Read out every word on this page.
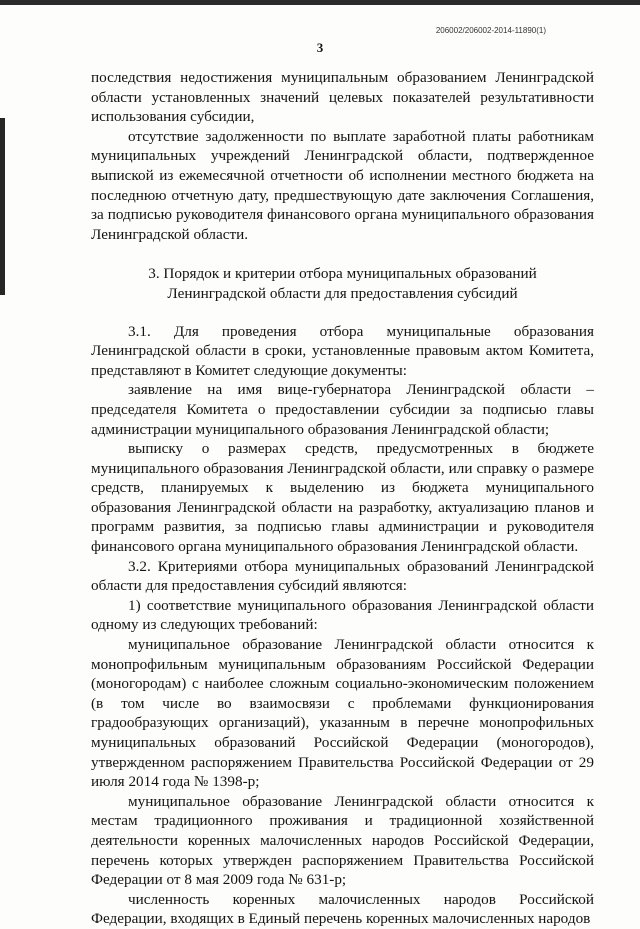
206002/206002-2014-11890(1)
3

последствия недостижения муниципальным образованием Ленинградской области установленных значений целевых показателей результативности использования субсидии,

отсутствие задолженности по выплате заработной платы работникам муниципальных учреждений Ленинградской области, подтвержденное выпиской из ежемесячной отчетности об исполнении местного бюджета на последнюю отчетную дату, предшествующую дате заключения Соглашения, за подписью руководителя финансового органа муниципального образования Ленинградской области.

3. Порядок и критерии отбора муниципальных образований
Ленинградской области для предоставления субсидий

3.1. Для проведения отбора муниципальные образования Ленинградской области в сроки, установленные правовым актом Комитета, представляют в Комитет следующие документы:

заявление на имя вице-губернатора Ленинградской области – председателя Комитета о предоставлении субсидии за подписью главы администрации муниципального образования Ленинградской области;

выписку о размерах средств, предусмотренных в бюджете муниципального образования Ленинградской области, или справку о размере средств, планируемых к выделению из бюджета муниципального образования Ленинградской области на разработку, актуализацию планов и программ развития, за подписью главы администрации и руководителя финансового органа муниципального образования Ленинградской области.

3.2. Критериями отбора муниципальных образований Ленинградской области для предоставления субсидий являются:

1) соответствие муниципального образования Ленинградской области одному из следующих требований:

муниципальное образование Ленинградской области относится к монопрофильным муниципальным образованиям Российской Федерации (моногородам) с наиболее сложным социально-экономическим положением (в том числе во взаимосвязи с проблемами функционирования градообразующих организаций), указанным в перечне монопрофильных муниципальных образований Российской Федерации (моногородов), утвержденном распоряжением Правительства Российской Федерации от 29 июля 2014 года № 1398-р;

муниципальное образование Ленинградской области относится к местам традиционного проживания и традиционной хозяйственной деятельности коренных малочисленных народов Российской Федерации, перечень которых утвержден распоряжением Правительства Российской Федерации от 8 мая 2009 года № 631-р;

численность коренных малочисленных народов Российской Федерации, входящих в Единый перечень коренных малочисленных народов
